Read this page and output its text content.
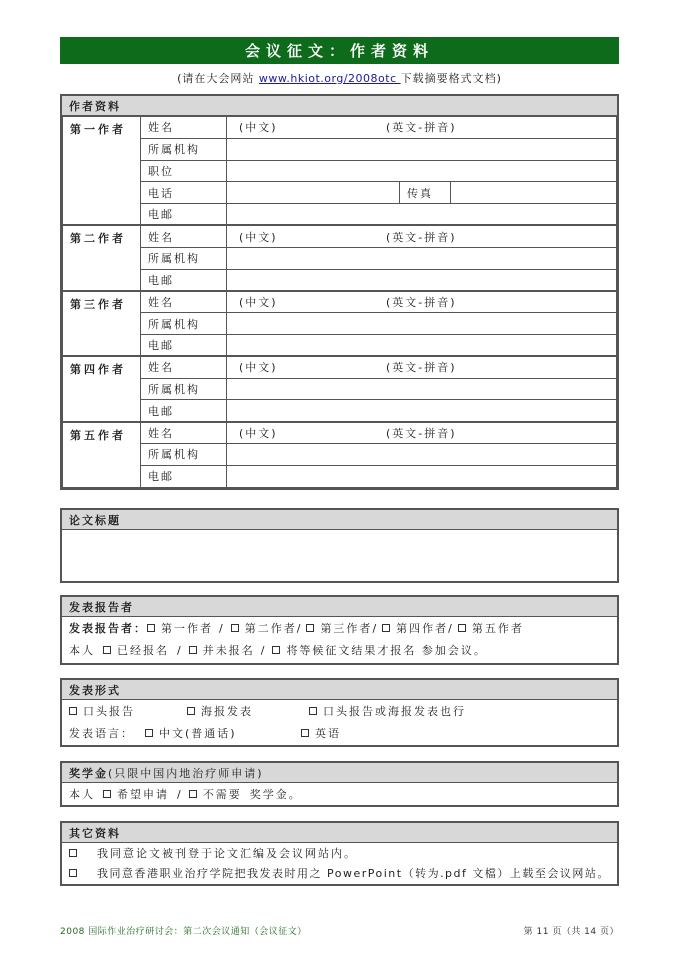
会议征文：作者资料
(请在大会网站 www.hkiot.org/2008otc 下载摘要格式文档)
作者资料
第一作者	姓名	(中文) (英文-拼音)		
	所属机构			
	职位			
	电话		传真	
	电邮			
第二作者	姓名	(中文) (英文-拼音)		
	所属机构			
	电邮			
第三作者	姓名	(中文) (英文-拼音)		
	所属机构			
	电邮			
第四作者	姓名	(中文) (英文-拼音)		
	所属机构			
	电邮			
第五作者	姓名	(中文) (英文-拼音)		
	所属机构			
	电邮			
论文标题
发表报告者
发表报告者： 第一作者 / 第二作者 / 第三作者 / 第四作者 / 第五作者
本人 已经报名 / 并未报名 / 将等候征文结果才报名 参加会议。
发表形式
口头报告	海报发表	口头报告或海报发表也行
发表语言：	中文(普通话)	英语
奖学金 (只限中国内地治疗师申请)
本人 希望申请 / 不需要 奖学金。
其它资料
我同意论文被刊登于论文汇编及会议网站内。
我同意香港职业治疗学院把我发表时用之 PowerPoint（转为.pdf 文檔）上载至会议网站。
2008 国际作业治疗研讨会：第二次会议通知（会议征文）	第 11 页（共 14 页）
